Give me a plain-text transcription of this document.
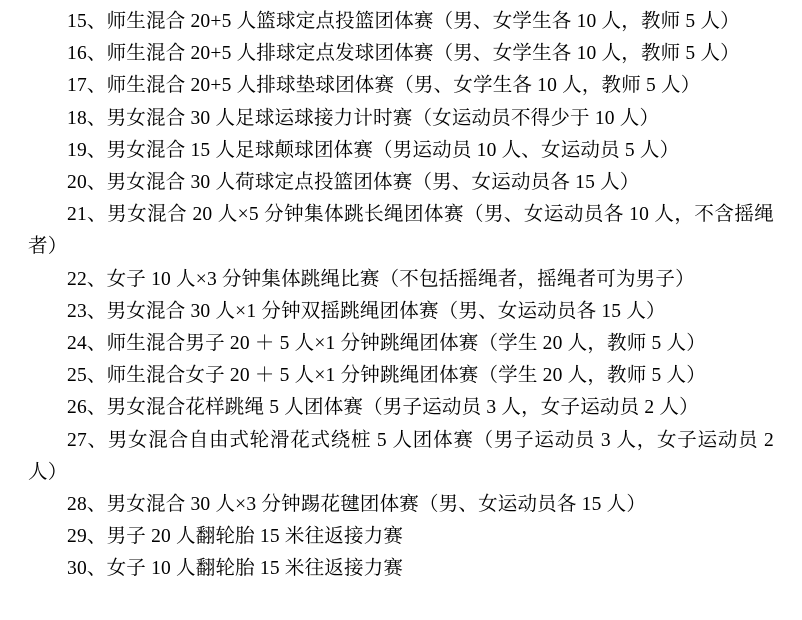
15、师生混合 20+5 人篮球定点投篮团体赛（男、女学生各 10 人，教师 5 人）

16、师生混合 20+5 人排球定点发球团体赛（男、女学生各 10 人，教师 5 人）

17、师生混合 20+5 人排球垫球团体赛（男、女学生各 10 人，教师 5 人）

18、男女混合 30 人足球运球接力计时赛（女运动员不得少于 10 人）

19、男女混合 15 人足球颠球团体赛（男运动员 10 人、女运动员 5 人）

20、男女混合 30 人荷球定点投篮团体赛（男、女运动员各 15 人）

21、男女混合 20 人×5 分钟集体跳长绳团体赛（男、女运动员各 10 人，不含摇绳者）

22、女子 10 人×3 分钟集体跳绳比赛（不包括摇绳者，摇绳者可为男子）

23、男女混合 30 人×1 分钟双摇跳绳团体赛（男、女运动员各 15 人）

24、师生混合男子 20 ＋ 5 人×1 分钟跳绳团体赛（学生 20 人，教师 5 人）

25、师生混合女子 20 ＋ 5 人×1 分钟跳绳团体赛（学生 20 人，教师 5 人）

26、男女混合花样跳绳 5 人团体赛（男子运动员 3 人，女子运动员 2 人）

27、男女混合自由式轮滑花式绕桩 5 人团体赛（男子运动员 3 人，女子运动员 2 人）

28、男女混合 30 人×3 分钟踢花毽团体赛（男、女运动员各 15 人）

29、男子 20 人翻轮胎 15 米往返接力赛

30、女子 10 人翻轮胎 15 米往返接力赛
